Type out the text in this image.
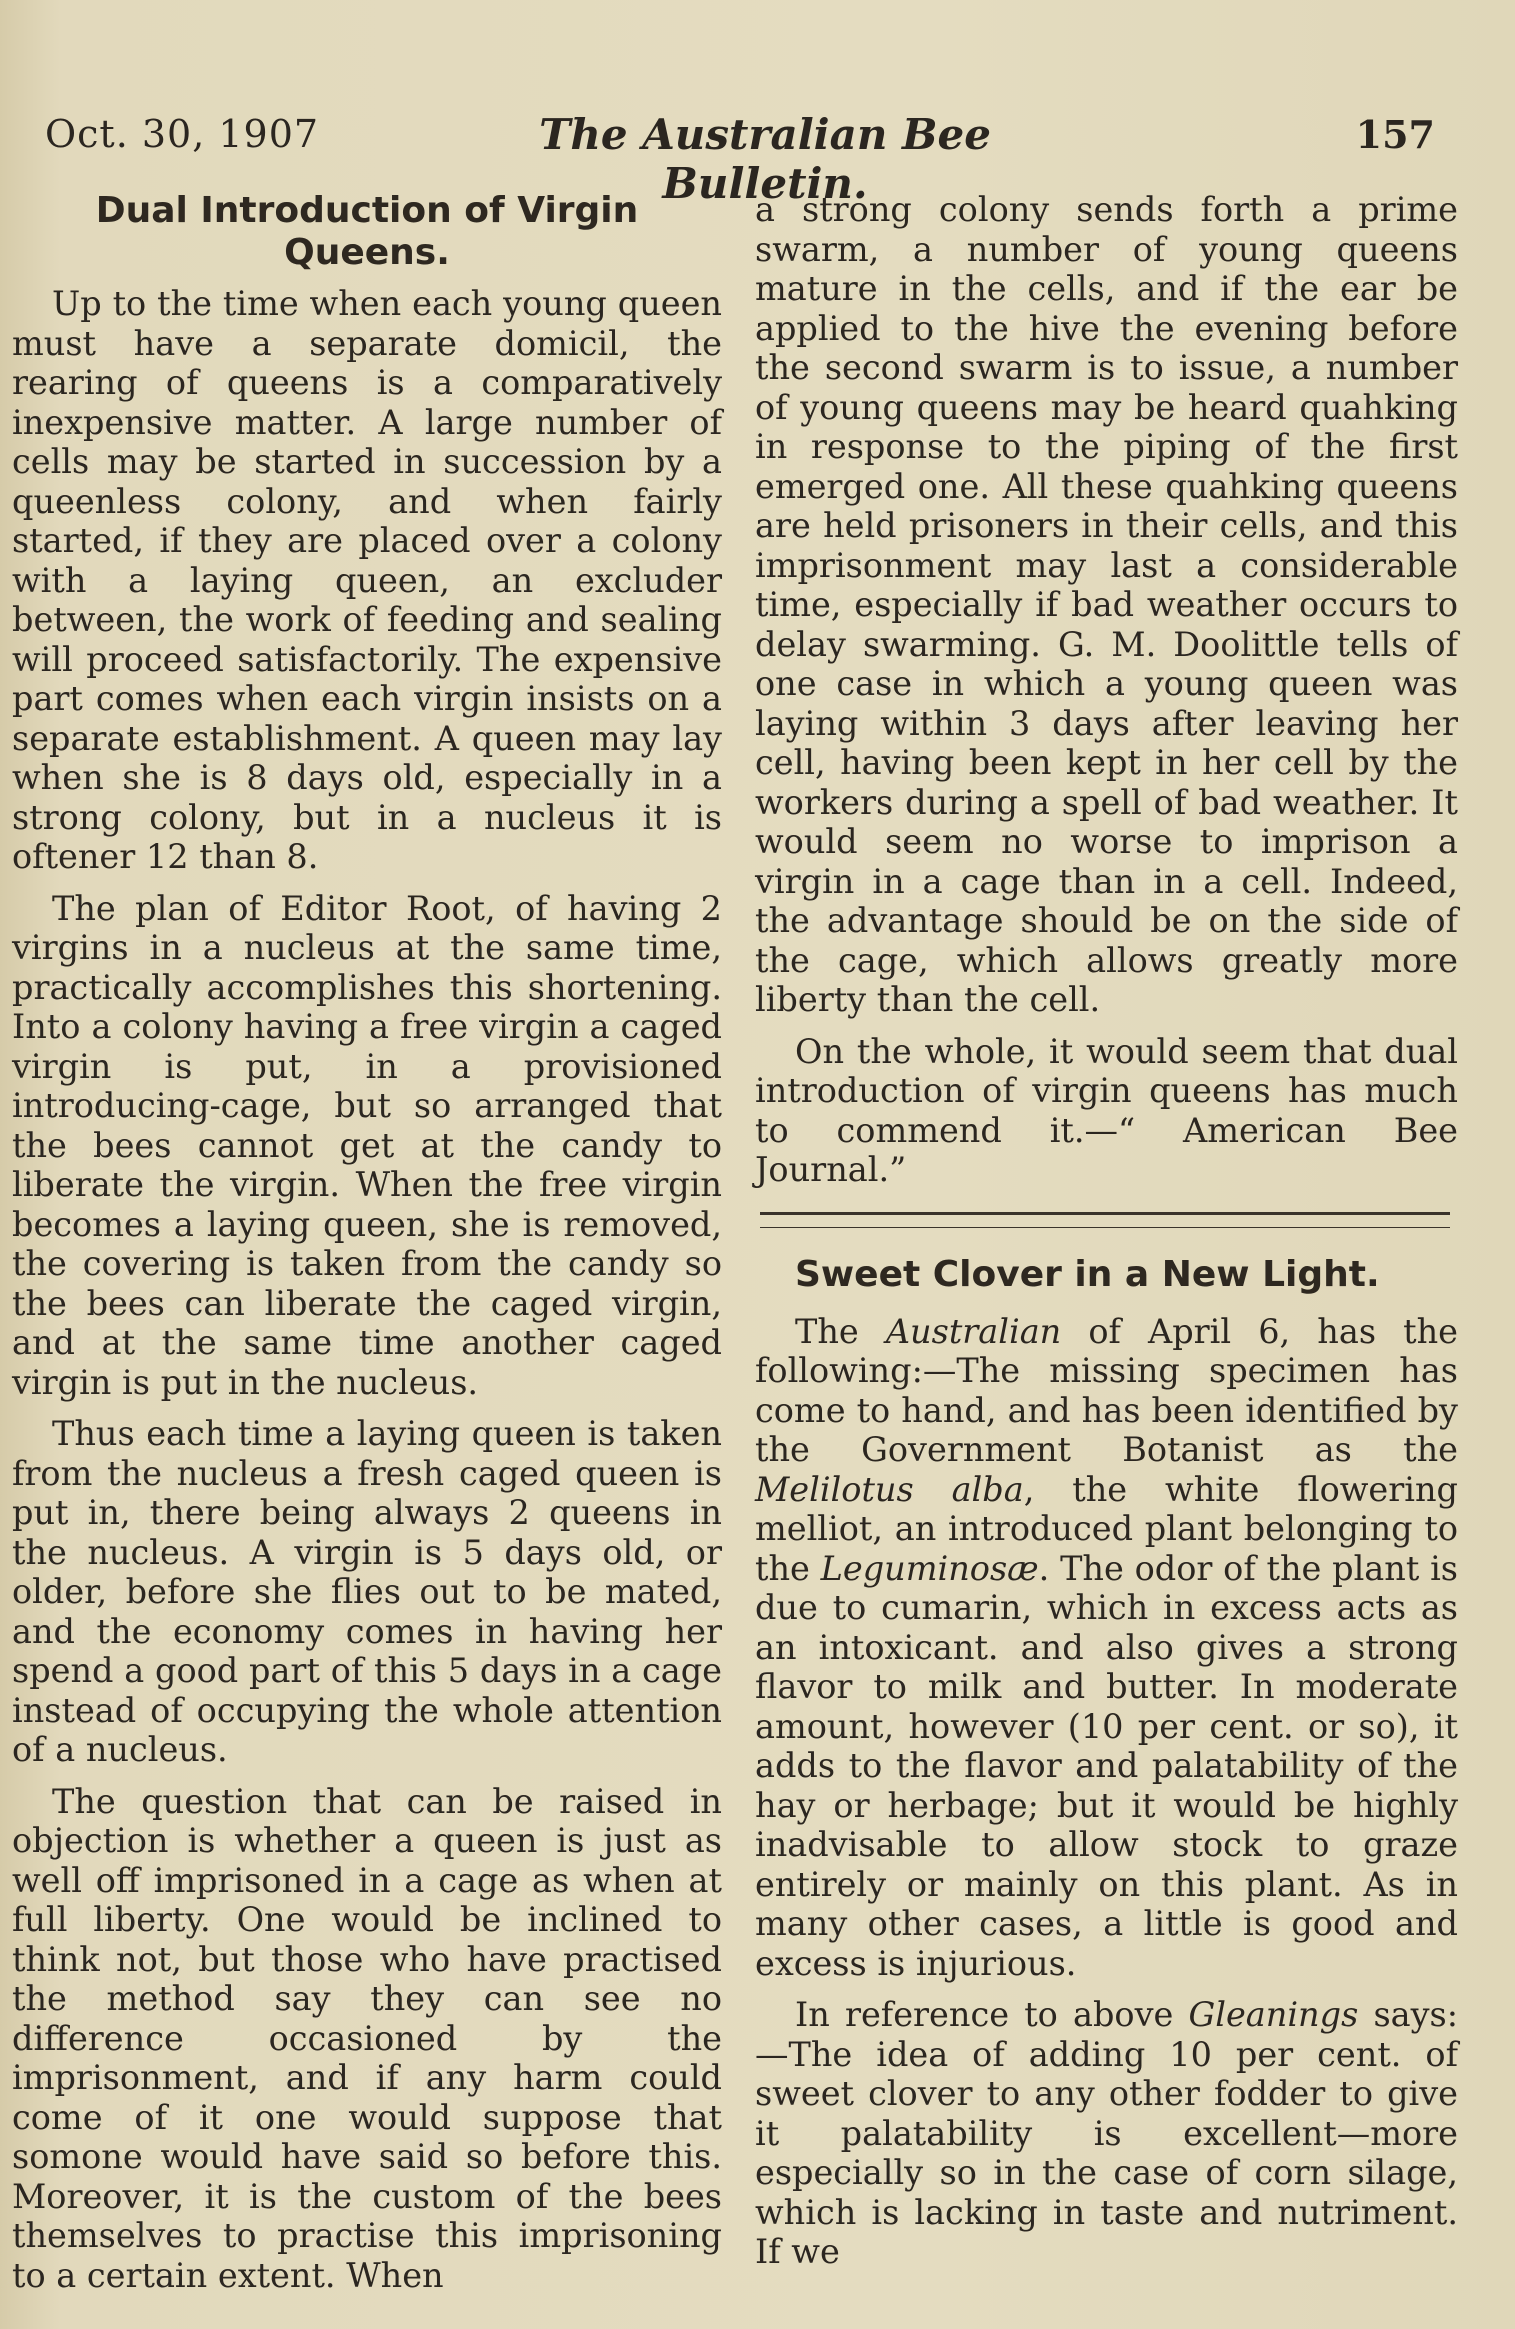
Oct. 30, 1907	The Australian Bee Bulletin.
157
Dual Introduction of Virgin Queens.

Up to the time when each young queen must have a separate domicil, the rearing of queens is a comparatively inexpensive matter. A large number of cells may be started in succession by a queenless colony, and when fairly started, if they are placed over a colony with a laying queen, an excluder between, the work of feeding and sealing will proceed satisfactorily. The expensive part comes when each virgin insists on a separate establishment. A queen may lay when she is 8 days old, especially in a strong colony, but in a nucleus it is oftener 12 than 8.

The plan of Editor Root, of having 2 virgins in a nucleus at the same time, practically accomplishes this shortening. Into a colony having a free virgin a caged virgin is put, in a provisioned introducing-cage, but so arranged that the bees cannot get at the candy to liberate the virgin. When the free virgin becomes a laying queen, she is removed, the covering is taken from the candy so the bees can liberate the caged virgin, and at the same time another caged virgin is put in the nucleus.

Thus each time a laying queen is taken from the nucleus a fresh caged queen is put in, there being always 2 queens in the nucleus. A virgin is 5 days old, or older, before she flies out to be mated, and the economy comes in having her spend a good part of this 5 days in a cage instead of occupying the whole attention of a nucleus.

The question that can be raised in objection is whether a queen is just as well off imprisoned in a cage as when at full liberty. One would be inclined to think not, but those who have practised the method say they can see no difference occasioned by the imprisonment, and if any harm could come of it one would suppose that somone would have said so before this. Moreover, it is the custom of the bees themselves to practise this imprisoning to a certain extent. When

a strong colony sends forth a prime swarm, a number of young queens mature in the cells, and if the ear be applied to the hive the evening before the second swarm is to issue, a number of young queens may be heard quahking in response to the piping of the first emerged one. All these quahking queens are held prisoners in their cells, and this imprisonment may last a considerable time, especially if bad weather occurs to delay swarming. G. M. Doolittle tells of one case in which a young queen was laying within 3 days after leaving her cell, having been kept in her cell by the workers during a spell of bad weather. It would seem no worse to imprison a virgin in a cage than in a cell. Indeed, the advantage should be on the side of the cage, which allows greatly more liberty than the cell.

On the whole, it would seem that dual introduction of virgin queens has much to commend it.—“ American Bee Journal.”

Sweet Clover in a New Light.

The Australian of April 6, has the following:—The missing specimen has come to hand, and has been identified by the Government Botanist as the Melilotus alba, the white flowering melliot, an introduced plant belonging to the Leguminosæ. The odor of the plant is due to cumarin, which in excess acts as an intoxicant. and also gives a strong flavor to milk and butter. In moderate amount, however (10 per cent. or so), it adds to the flavor and palatability of the hay or herbage; but it would be highly inadvisable to allow stock to graze entirely or mainly on this plant. As in many other cases, a little is good and excess is injurious.

In reference to above Gleanings says:—The idea of adding 10 per cent. of sweet clover to any other fodder to give it palatability is excellent—more especially so in the case of corn silage, which is lacking in taste and nutriment. If we
